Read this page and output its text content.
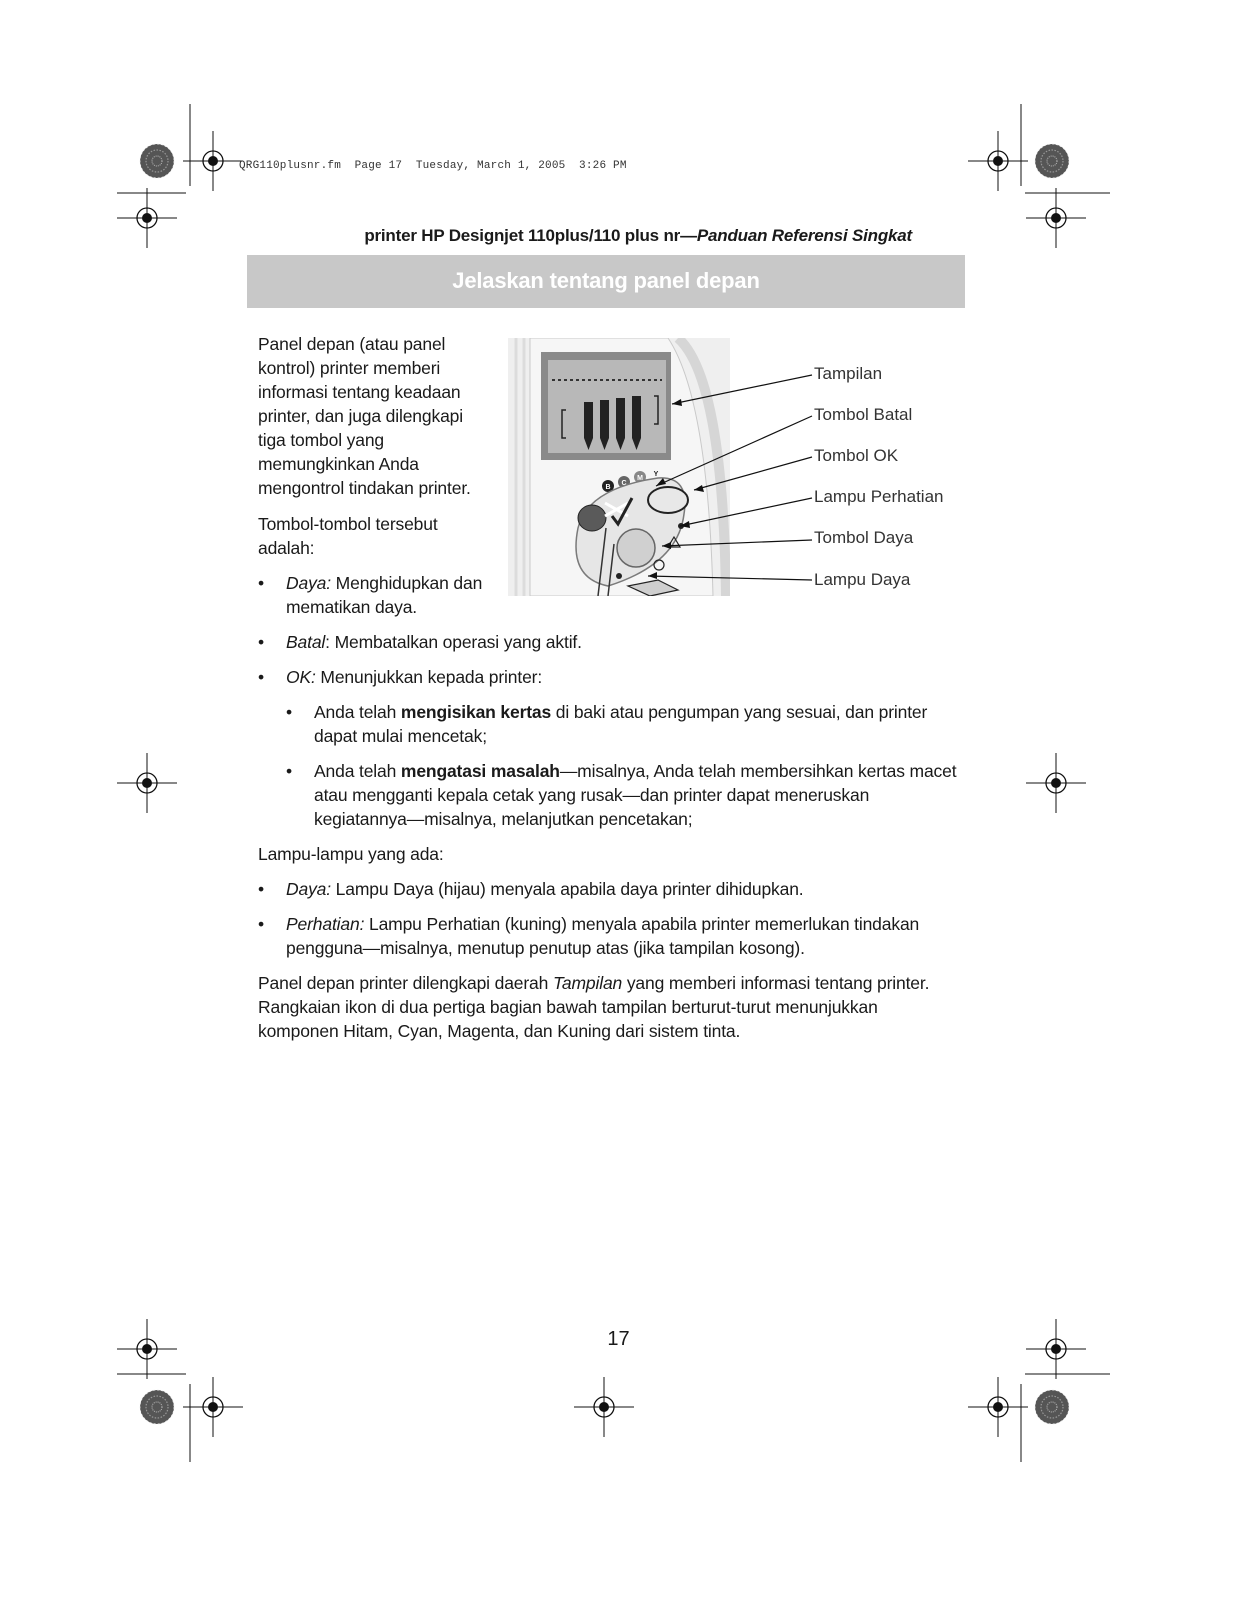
QRG110plusnr.fm  Page 17  Tuesday, March 1, 2005  3:26 PM
printer HP Designjet 110plus/110 plus nr—Panduan Referensi Singkat
Jelaskan tentang panel depan
B
C
M
Y
Tampilan
Tombol Batal
Tombol OK
Lampu Perhatian
Tombol Daya
Lampu Daya

Panel depan (atau panel kontrol) printer memberi informasi tentang keadaan printer, dan juga dilengkapi tiga tombol yang memungkinkan Anda mengontrol tindakan printer.

Tombol-tombol tersebut adalah:

• Daya: Menghidupkan dan mematikan daya.
• Batal: Membatalkan operasi yang aktif.
• OK: Menunjukkan kepada printer:
• Anda telah mengisikan kertas di baki atau pengumpan yang sesuai, dan printer dapat mulai mencetak;
• Anda telah mengatasi masalah—misalnya, Anda telah membersihkan kertas macet atau mengganti kepala cetak yang rusak—dan printer dapat meneruskan kegiatannya—misalnya, melanjutkan pencetakan;

Lampu-lampu yang ada:

• Daya: Lampu Daya (hijau) menyala apabila daya printer dihidupkan.
• Perhatian: Lampu Perhatian (kuning) menyala apabila printer memerlukan tindakan pengguna—misalnya, menutup penutup atas (jika tampilan kosong).

Panel depan printer dilengkapi daerah Tampilan yang memberi informasi tentang printer. Rangkaian ikon di dua pertiga bagian bawah tampilan berturut-turut menunjukkan komponen Hitam, Cyan, Magenta, dan Kuning dari sistem tinta.

17
